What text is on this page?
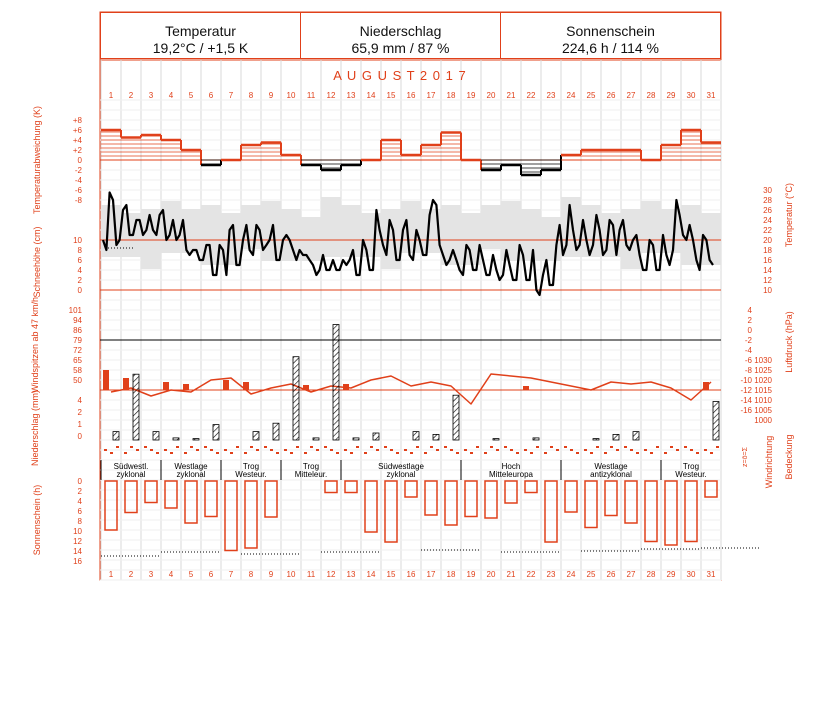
Temperatur
19,2°C / +1,5 K
Niederschlag
65,9 mm / 87 %
Sonnenschein
224,6 h / 114 %
A U G U S T 2 0 1 7
1 2 3 4 5 6 7 8 9 10 11 12 13 14 15 16 17 18 19 20 21 22 23 24 25 26 27 28 29 30 31
1 2 3 4 5 6 7 8 9 10 11 12 13 14 15 16 17 18 19 20 21 22 23 24 25 26 27 28 29 30 31
+8
+6
+4
+2
0
-2
-4
-6
-8
30
28
26
24
22
20
18
16
14
12
10
10
8
6
4
2
0
101
94
86
79
72
65
58
50
4
2
0
-2
-4
-6
-8
-10
-12
-14
-16
1030
1025
1020
1015
1010
1005
1000
4
2
1
0
Südwestl.
zyklonal
Westlage
zyklonal
Trog
Westeur.
Trog
Mitteleur.
Südwestlage
zyklonal
Hoch
Mitteleuropa
Westlage
antizyklonal
Trog
Westeur.
0
2
4
6
8
10
12
14
16
Temperaturabweichung (K)
Schneehöhe (cm)
Windspitzen ab 47 km/h
Niederschlag (mm)
Sonnenschein (h)
Temperatur (°C)
Luftdruck (hPa)
Windrichtung Bedeckung
z=ō=Σ
